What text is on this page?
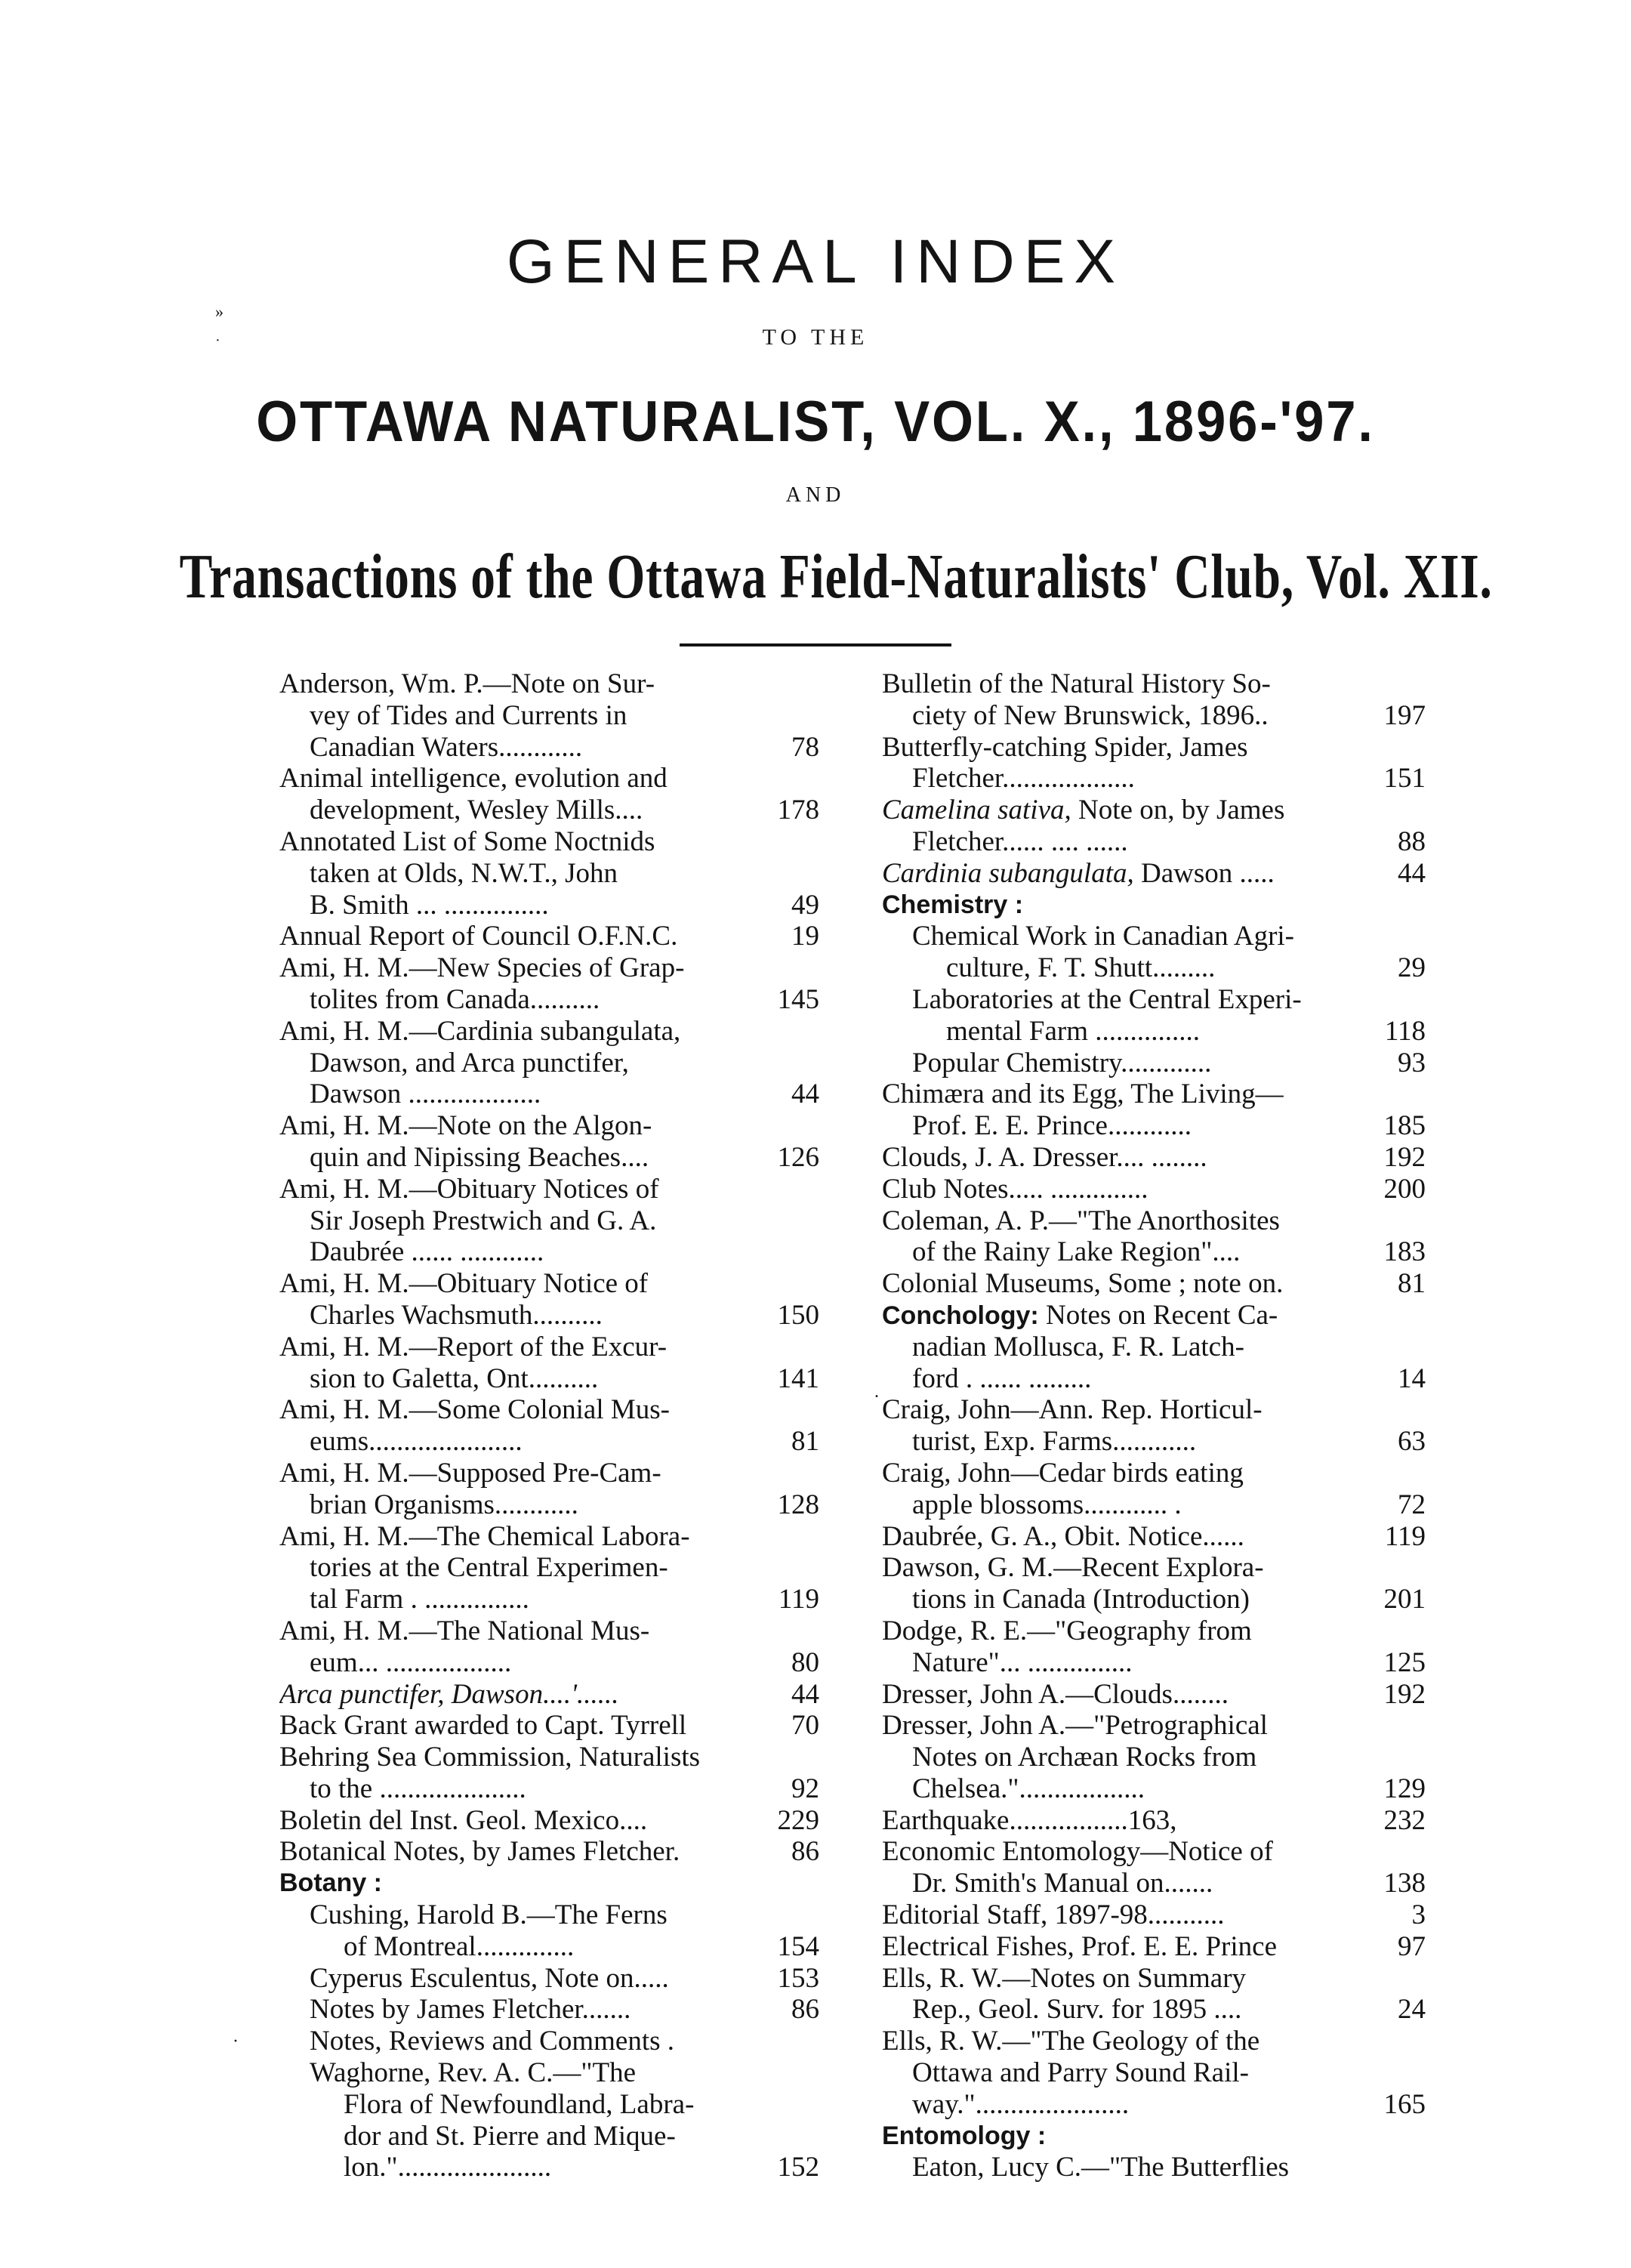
GENERAL INDEX
TO THE
OTTAWA NATURALIST, VOL. X., 1896-'97.
AND
Transactions of the Ottawa Field-Naturalists' Club, Vol. XII.
»
·
·
.
Anderson, Wm. P.—Note on Sur-
vey of Tides and Currents in
Canadian Waters............	78
Animal intelligence, evolution and
development, Wesley Mills....	178
Annotated List of Some Noctnids
taken at Olds, N.W.T., John
B. Smith ... ...............	49
Annual Report of Council O.F.N.C.	19
Ami, H. M.—New Species of Grap-
tolites from Canada..........	145
Ami, H. M.—Cardinia subangulata,
Dawson, and Arca punctifer,
Dawson ...................	44
Ami, H. M.—Note on the Algon-
quin and Nipissing Beaches....	126
Ami, H. M.—Obituary Notices of
Sir Joseph Prestwich and G. A.
Daubrée ...... ............
Ami, H. M.—Obituary Notice of
Charles Wachsmuth..........	150
Ami, H. M.—Report of the Excur-
sion to Galetta, Ont..........	141
Ami, H. M.—Some Colonial Mus-
eums......................	81
Ami, H. M.—Supposed Pre-Cam-
brian Organisms............	128
Ami, H. M.—The Chemical Labora-
tories at the Central Experimen-
tal Farm . ...............	119
Ami, H. M.—The National Mus-
eum... ..................	80
Arca punctifer, Dawson....'......	44
Back Grant awarded to Capt. Tyrrell	70
Behring Sea Commission, Naturalists
to the .....................	92
Boletin del Inst. Geol. Mexico....	229
Botanical Notes, by James Fletcher.	86
Botany :
Cushing, Harold B.—The Ferns
of Montreal..............	154
Cyperus Esculentus, Note on.....	153
Notes by James Fletcher.......	86
Notes, Reviews and Comments .
Waghorne, Rev. A. C.—"The
Flora of Newfoundland, Labra-
dor and St. Pierre and Mique-
lon."......................	152
Bulletin of the Natural History So-
ciety of New Brunswick, 1896..	197
Butterfly-catching Spider, James
Fletcher...................	151
Camelina sativa, Note on, by James
Fletcher...... .... ......	88
Cardinia subangulata, Dawson .....	44
Chemistry :
Chemical Work in Canadian Agri-
culture, F. T. Shutt.........	29
Laboratories at the Central Experi-
mental Farm ...............	118
Popular Chemistry.............	93
Chimæra and its Egg, The Living—
Prof. E. E. Prince............	185
Clouds, J. A. Dresser.... ........	192
Club Notes..... ..............	200
Coleman, A. P.—"The Anorthosites
of the Rainy Lake Region"....	183
Colonial Museums, Some ; note on.	81
Conchology: Notes on Recent Ca-
nadian Mollusca, F. R. Latch-
ford . ...... .........	14
Craig, John—Ann. Rep. Horticul-
turist, Exp. Farms............	63
Craig, John—Cedar birds eating
apple blossoms............ .	72
Daubrée, G. A., Obit. Notice......	119
Dawson, G. M.—Recent Explora-
tions in Canada (Introduction)	201
Dodge, R. E.—"Geography from
Nature"... ...............	125
Dresser, John A.—Clouds........	192
Dresser, John A.—"Petrographical
Notes on Archæan Rocks from
Chelsea."..................	129
Earthquake.................163,	232
Economic Entomology—Notice of
Dr. Smith's Manual on.......	138
Editorial Staff, 1897-98...........	3
Electrical Fishes, Prof. E. E. Prince	97
Ells, R. W.—Notes on Summary
Rep., Geol. Surv. for 1895 ....	24
Ells, R. W.—"The Geology of the
Ottawa and Parry Sound Rail-
way."......................	165
Entomology :
Eaton, Lucy C.—"The Butterflies
